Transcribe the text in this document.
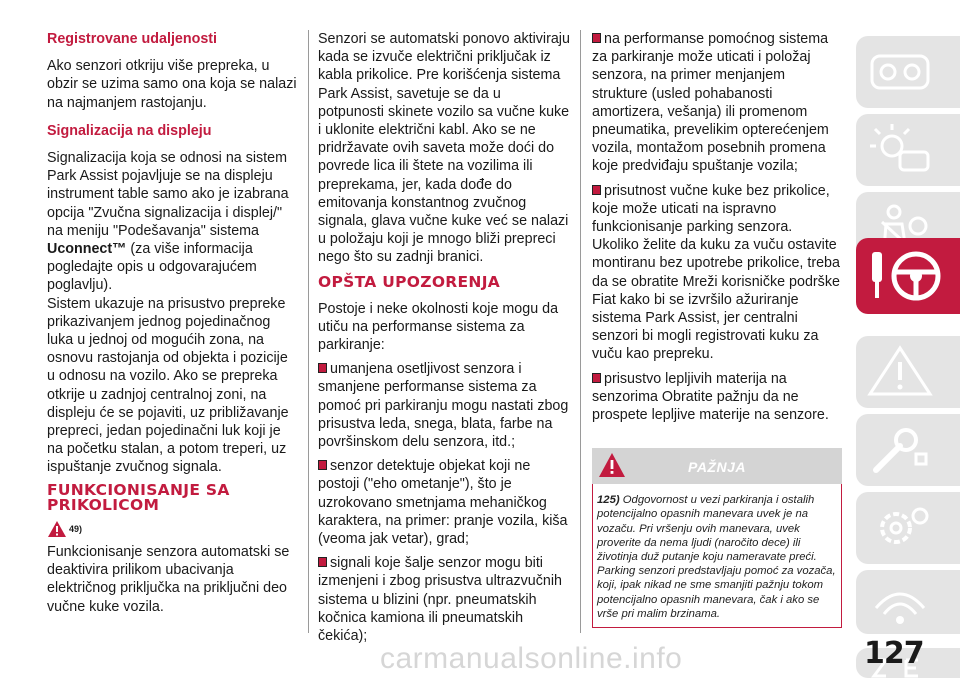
Registrovane udaljenosti

Ako senzori otkriju više prepreka, u obzir se uzima samo ona koja se nalazi na najmanjem rastojanju.

Signalizacija na displeju

Signalizacija koja se odnosi na sistem Park Assist pojavljuje se na displeju instrument table samo ako je izabrana opcija "Zvučna signalizacija i displej/" na meniju "Podešavanja" sistema Uconnect™ (za više informacija pogledajte opis u odgovarajućem poglavlju).

Sistem ukazuje na prisustvo prepreke prikazivanjem jednog pojedinačnog luka u jednoj od mogućih zona, na osnovu rastojanja od objekta i pozicije u odnosu na vozilo. Ako se prepreka otkrije u zadnjoj centralnoj zoni, na displeju će se pojaviti, uz približavanje prepreci, jedan pojedinačni luk koji je na početku stalan, a potom treperi, uz ispuštanje zvučnog signala.

FUNKCIONISANJE SA PRIKOLICOM
49)

Funkcionisanje senzora automatski se deaktivira prilikom ubacivanja električnog priključka na priključni deo vučne kuke vozila.

Senzori se automatski ponovo aktiviraju kada se izvuče električni priključak iz kabla prikolice. Pre korišćenja sistema Park Assist, savetuje se da u potpunosti skinete vozilo sa vučne kuke i uklonite električni kabl. Ako se ne pridržavate ovih saveta može doći do povrede lica ili štete na vozilima ili preprekama, jer, kada dođe do emitovanja konstantnog zvučnog signala, glava vučne kuke već se nalazi u položaju koji je mnogo bliži prepreci nego što su zadnji branici.

OPŠTA UPOZORENJA

Postoje i neke okolnosti koje mogu da utiču na performanse sistema za parkiranje:

umanjena osetljivost senzora i smanjene performanse sistema za pomoć pri parkiranju mogu nastati zbog prisustva leda, snega, blata, farbe na površinskom delu senzora, itd.;

senzor detektuje objekat koji ne postoji ("eho ometanje"), što je uzrokovano smetnjama mehaničkog karaktera, na primer: pranje vozila, kiša (veoma jak vetar), grad;

signali koje šalje senzor mogu biti izmenjeni i zbog prisustva ultrazvučnih sistema u blizini (npr. pneumatskih kočnica kamiona ili pneumatskih čekića);

na performanse pomoćnog sistema za parkiranje može uticati i položaj senzora, na primer menjanjem strukture (usled pohabanosti amortizera, vešanja) ili promenom pneumatika, prevelikim opterećenjem vozila, montažom posebnih promena koje predviđaju spuštanje vozila;

prisutnost vučne kuke bez prikolice, koje može uticati na ispravno funkcionisanje parking senzora. Ukoliko želite da kuku za vuču ostavite montiranu bez upotrebe prikolice, treba da se obratite Mreži korisničke podrške Fiat kako bi se izvršilo ažuriranje sistema Park Assist, jer centralni senzori bi mogli registrovati kuku za vuču kao prepreku.

prisustvo lepljivih materija na senzorima Obratite pažnju da ne prospete lepljive materije na senzore.

PAŽNJA
125) Odgovornost u vezi parkiranja i ostalih potencijalno opasnih manevara uvek je na vozaču. Pri vršenju ovih manevara, uvek proverite da nema ljudi (naročito dece) ili životinja duž putanje koju nameravate preći. Parking senzori predstavljaju pomoć za vozača, koji, ipak nikad ne sme smanjiti pažnju tokom potencijalno opasnih manevara, čak i ako se vrše pri malim brzinama.
carmanualsonline.info	127
